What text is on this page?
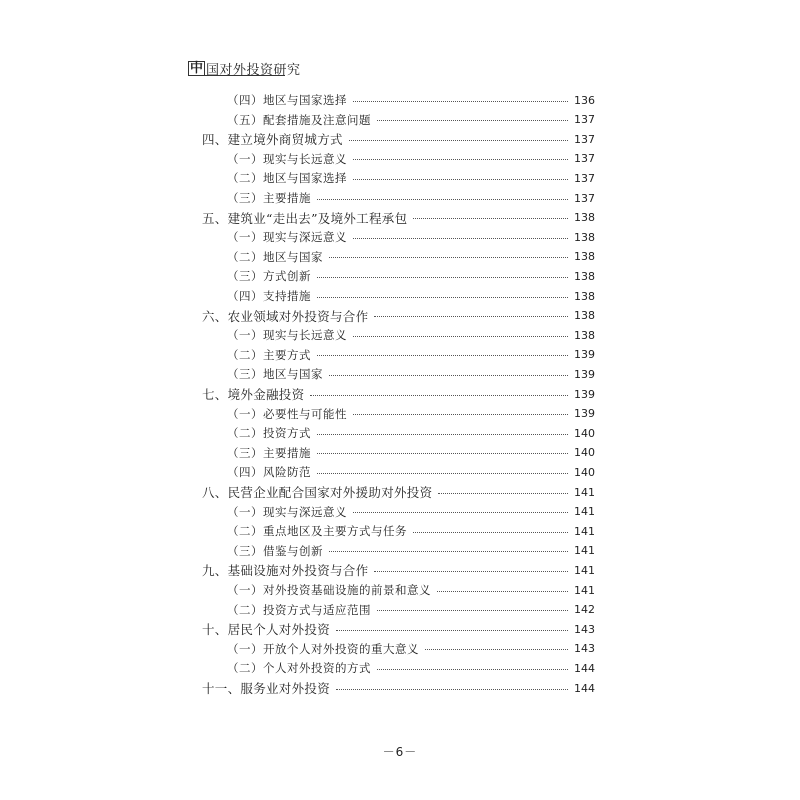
中 国对外投资研究
（四）地区与国家选择	136
（五）配套措施及注意问题	137
四、建立境外商贸城方式	137
（一）现实与长远意义	137
（二）地区与国家选择	137
（三）主要措施	137
五、建筑业“走出去”及境外工程承包	138
（一）现实与深远意义	138
（二）地区与国家	138
（三）方式创新	138
（四）支持措施	138
六、农业领域对外投资与合作	138
（一）现实与长远意义	138
（二）主要方式	139
（三）地区与国家	139
七、境外金融投资	139
（一）必要性与可能性	139
（二）投资方式	140
（三）主要措施	140
（四）风险防范	140
八、民营企业配合国家对外援助对外投资	141
（一）现实与深远意义	141
（二）重点地区及主要方式与任务	141
（三）借鉴与创新	141
九、基础设施对外投资与合作	141
（一）对外投资基础设施的前景和意义	141
（二）投资方式与适应范围	142
十、居民个人对外投资	143
（一）开放个人对外投资的重大意义	143
（二）个人对外投资的方式	144
十一、服务业对外投资	144
－6－
